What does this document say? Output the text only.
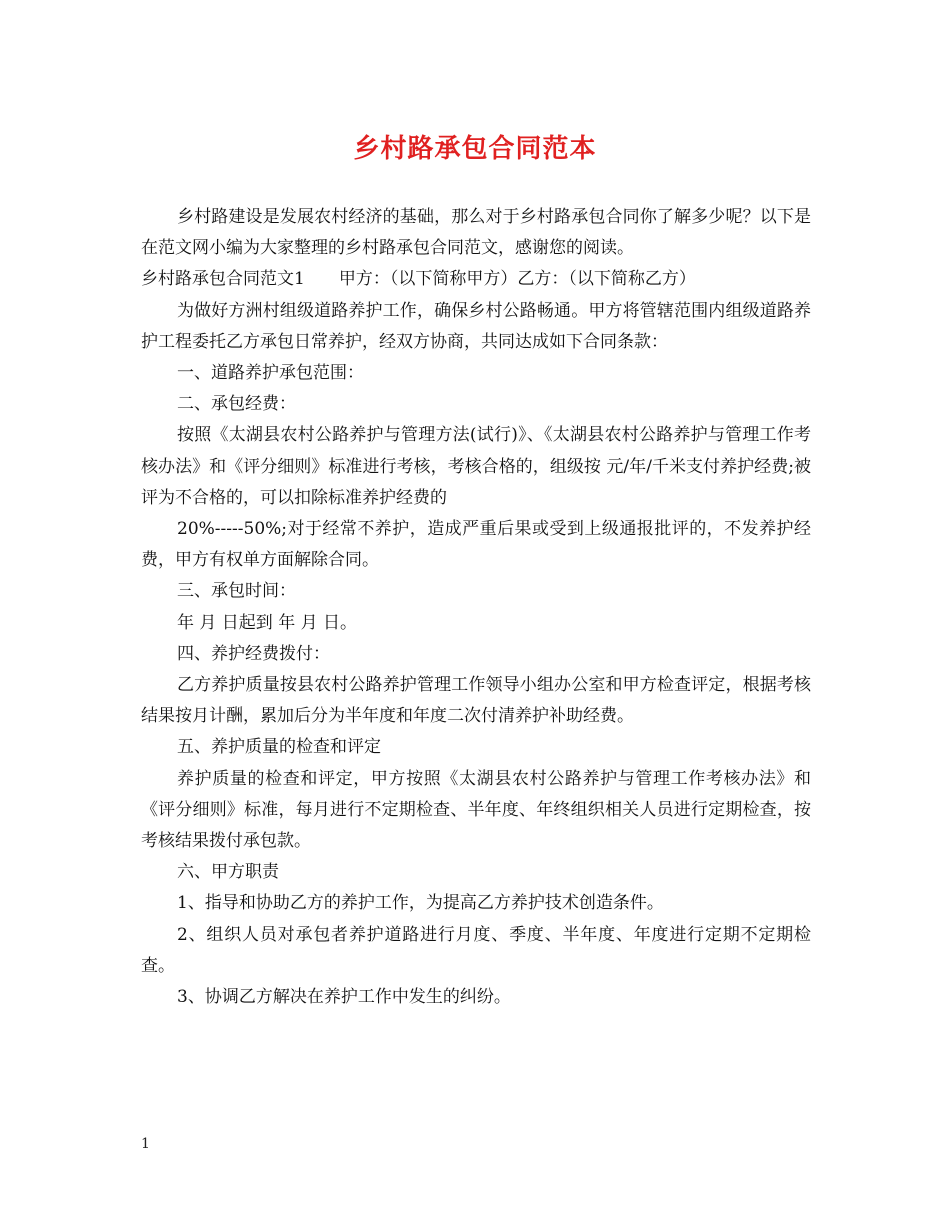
乡村路承包合同范本

乡村路建设是发展农村经济的基础，那么对于乡村路承包合同你了解多少呢？以下是在范文网小编为大家整理的乡村路承包合同范文，感谢您的阅读。

乡村路承包合同范文1　　甲方：（以下简称甲方）乙方：（以下简称乙方）

为做好方洲村组级道路养护工作，确保乡村公路畅通。甲方将管辖范围内组级道路养护工程委托乙方承包日常养护，经双方协商，共同达成如下合同条款：

一、道路养护承包范围：

二、承包经费：

按照《太湖县农村公路养护与管理方法(试行)》、《太湖县农村公路养护与管理工作考核办法》和《评分细则》标准进行考核，考核合格的，组级按 元/年/千米支付养护经费;被评为不合格的，可以扣除标准养护经费的

20%-----50%;对于经常不养护，造成严重后果或受到上级通报批评的，不发养护经费，甲方有权单方面解除合同。

三、承包时间：

年 月 日起到 年 月 日。

四、养护经费拨付：

乙方养护质量按县农村公路养护管理工作领导小组办公室和甲方检查评定，根据考核结果按月计酬，累加后分为半年度和年度二次付清养护补助经费。

五、养护质量的检查和评定

养护质量的检查和评定，甲方按照《太湖县农村公路养护与管理工作考核办法》和《评分细则》标准，每月进行不定期检查、半年度、年终组织相关人员进行定期检查，按考核结果拨付承包款。

六、甲方职责

1、指导和协助乙方的养护工作，为提高乙方养护技术创造条件。

2、组织人员对承包者养护道路进行月度、季度、半年度、年度进行定期不定期检查。

3、协调乙方解决在养护工作中发生的纠纷。

1
